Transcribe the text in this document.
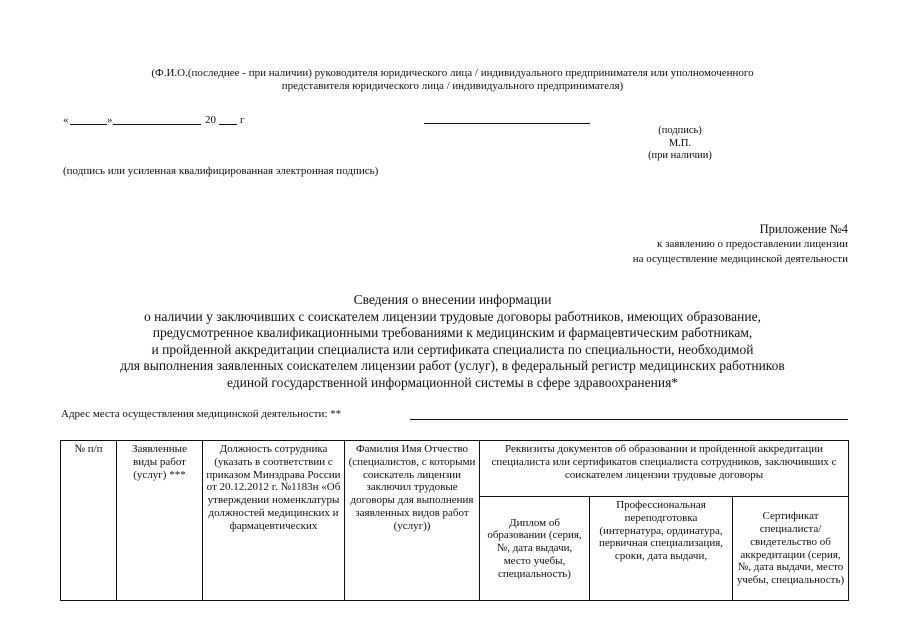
(Ф.И.О.(последнее - при наличии) руководителя юридического лица / индивидуального предпринимателя или уполномоченного
представителя юридического лица / индивидуального предпринимателя)
«	»	20 г
(подпись)
М.П.
(при наличии)
(подпись или усиленная квалифицированная электронная подпись)
Приложение №4
к заявлению о предоставлении лицензии
на осуществление медицинской деятельности
Сведения о внесении информации
о наличии у заключивших с соискателем лицензии трудовые договоры работников, имеющих образование,
предусмотренное квалификационными требованиями к медицинским и фармацевтическим работникам,
и пройденной аккредитации специалиста или сертификата специалиста по специальности, необходимой
для выполнения заявленных соискателем лицензии работ (услуг), в федеральный регистр медицинских работников
единой государственной информационной системы в сфере здравоохранения*
Адрес места осуществления медицинской деятельности: **
№ п/п	Заявленные виды работ (услуг) ***	Должность сотрудника (указать в соответствии с приказом Минздрава России от 20.12.2012 г. №1183н «Об утверждении номенклатуры должностей медицинских и фармацевтических	Фамилия Имя Отчество (специалистов, с которыми соискатель лицензии заключил трудовые договоры для выполнения заявленных видов работ (услуг))	Реквизиты документов об образовании и пройденной аккредитации специалиста или сертификатов специалиста сотрудников, заключивших с соискателем лицензии трудовые договоры		
				Диплом об образовании (серия, №, дата выдачи, место учебы, специальность)	Профессиональная переподготовка (интернатура, ординатура, первичная специализация, сроки, дата выдачи,	Сертификат специалиста/ свидетельство об аккредитации (серия, №, дата выдачи, место учебы, специальность)
